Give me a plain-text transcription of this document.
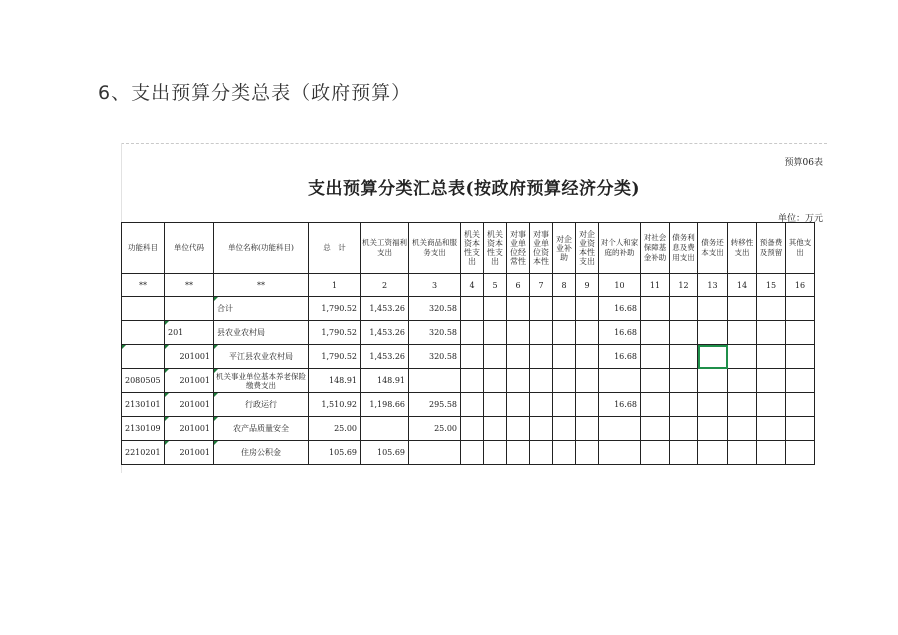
6、支出预算分类总表（政府预算）
预算06表
支出预算分类汇总表(按政府预算经济分类)
单位：万元
功能科目	单位代码	单位名称(功能科目)	总　计	机关工资福利支出	机关商品和服务支出	机关资本性支出	机关资本性支出	对事业单位经常性	对事业单位资本性	对企业补助	对企业资本性支出	对个人和家庭的补助	对社会保障基金补助	债务利息及费用支出	债务还本支出	转移性支出	预备费及预留	其他支出
**	**	**	1	2	3	4	5	6	7	8	9	10	11	12	13	14	15	16
		合计	1,790.52	1,453.26	320.58							16.68						
	201	县农业农村局	1,790.52	1,453.26	320.58							16.68						
	201001	平江县农业农村局	1,790.52	1,453.26	320.58							16.68						
2080505	201001	机关事业单位基本养老保险缴费支出	148.91	148.91														
2130101	201001	行政运行	1,510.92	1,198.66	295.58							16.68						
2130109	201001	农产品质量安全	25.00		25.00													
2210201	201001	住房公积金	105.69	105.69														
